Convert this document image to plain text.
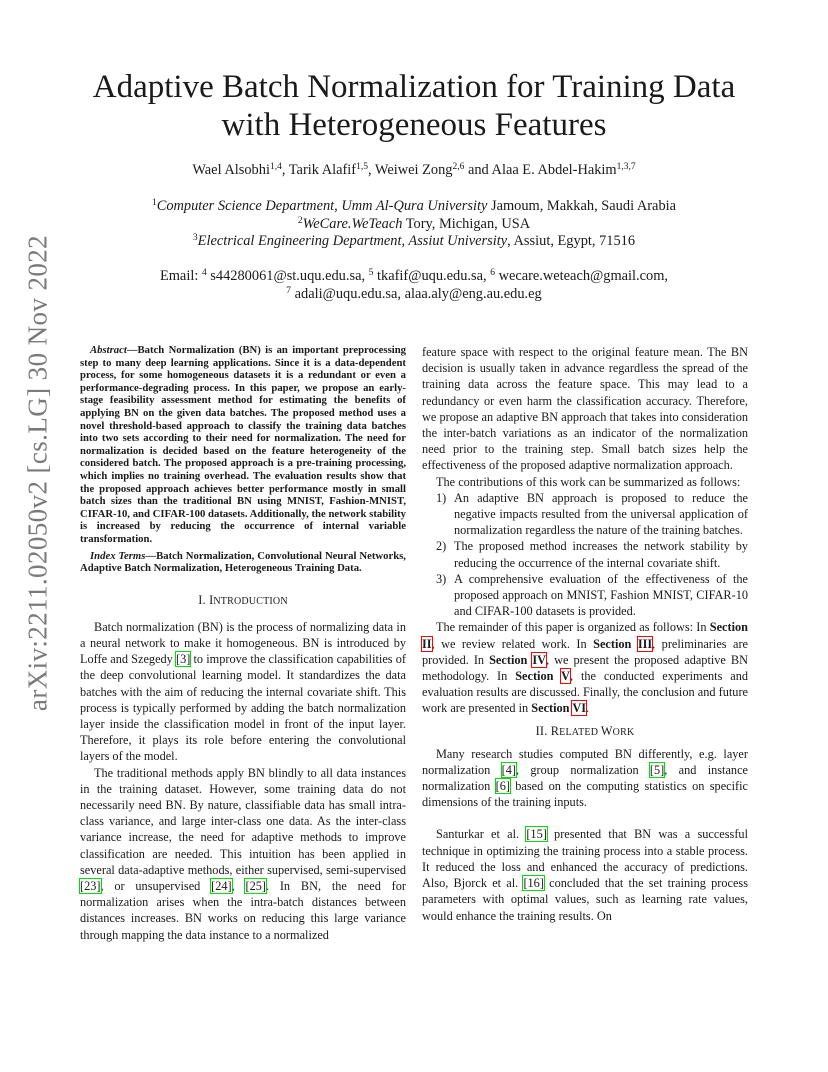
arXiv:2211.02050v2 [cs.LG] 30 Nov 2022
Adaptive Batch Normalization for Training Data with Heterogeneous Features
Wael Alsobhi$^{1,4}$, Tarik Alafif$^{1,5}$, Weiwei Zong$^{2,6}$ and Alaa E. Abdel-Hakim$^{1,3,7}$
$^1$Computer Science Department, Umm Al-Qura University Jamoum, Makkah, Saudi Arabia
$^2$WeCare.WeTeach Tory, Michigan, USA
$^3$Electrical Engineering Department, Assiut University, Assiut, Egypt, 71516
Email: $^4$ s44280061@st.uqu.edu.sa, $^5$ tkafif@uqu.edu.sa, $^6$ wecare.weteach@gmail.com,
$^7$ adali@uqu.edu.sa, alaa.aly@eng.au.edu.eg

Abstract—Batch Normalization (BN) is an important preprocessing step to many deep learning applications. Since it is a data-dependent process, for some homogeneous datasets it is a redundant or even a performance-degrading process. In this paper, we propose an early-stage feasibility assessment method for estimating the benefits of applying BN on the given data batches. The proposed method uses a novel threshold-based approach to classify the training data batches into two sets according to their need for normalization. The need for normalization is decided based on the feature heterogeneity of the considered batch. The proposed approach is a pre-training processing, which implies no training overhead. The evaluation results show that the proposed approach achieves better performance mostly in small batch sizes than the traditional BN using MNIST, Fashion-MNIST, CIFAR-10, and CIFAR-100 datasets. Additionally, the network stability is increased by reducing the occurrence of internal variable transformation.

Index Terms—Batch Normalization, Convolutional Neural Networks, Adaptive Batch Normalization, Heterogeneous Training Data.

I. INTRODUCTION

Batch normalization (BN) is the process of normalizing data in a neural network to make it homogeneous. BN is introduced by Loffe and Szegedy [3] to improve the classification capabilities of the deep convolutional learning model. It standardizes the data batches with the aim of reducing the internal covariate shift. This process is typically performed by adding the batch normalization layer inside the classification model in front of the input layer. Therefore, it plays its role before entering the convolutional layers of the model.

The traditional methods apply BN blindly to all data instances in the training dataset. However, some training data do not necessarily need BN. By nature, classifiable data has small intra-class variance, and large inter-class one data. As the inter-class variance increase, the need for adaptive methods to improve classification are needed. This intuition has been applied in several data-adaptive methods, either supervised, semi-supervised [23], or unsupervised [24], [25]. In BN, the need for normalization arises when the intra-batch distances between distances increases. BN works on reducing this large variance through mapping the data instance to a normalized

feature space with respect to the original feature mean. The BN decision is usually taken in advance regardless the spread of the training data across the feature space. This may lead to a redundancy or even harm the classification accuracy. Therefore, we propose an adaptive BN approach that takes into consideration the inter-batch variations as an indicator of the normalization need prior to the training step. Small batch sizes help the effectiveness of the proposed adaptive normalization approach.

The contributions of this work can be summarized as follows:

1) An adaptive BN approach is proposed to reduce the negative impacts resulted from the universal application of normalization regardless the nature of the training batches.
2) The proposed method increases the network stability by reducing the occurrence of the internal covariate shift.
3) A comprehensive evaluation of the effectiveness of the proposed approach on MNIST, Fashion MNIST, CIFAR-10 and CIFAR-100 datasets is provided.

The remainder of this paper is organized as follows: In Section II, we review related work. In Section III, preliminaries are provided. In Section IV, we present the proposed adaptive BN methodology. In Section V, the conducted experiments and evaluation results are discussed. Finally, the conclusion and future work are presented in Section VI.

II. RELATED WORK

Many research studies computed BN differently, e.g. layer normalization [4], group normalization [5], and instance normalization [6] based on the computing statistics on specific dimensions of the training inputs.

Santurkar et al. [15] presented that BN was a successful technique in optimizing the training process into a stable process. It reduced the loss and enhanced the accuracy of predictions. Also, Bjorck et al. [16] concluded that the set training process parameters with optimal values, such as learning rate values, would enhance the training results. On
